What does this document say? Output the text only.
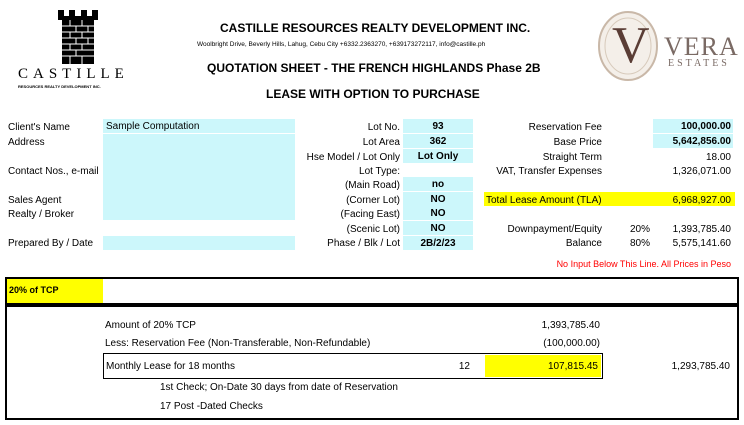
CASTILLE
RESOURCES REALTY DEVELOPMENT INC.
V VERA
ESTATES
CASTILLE RESOURCES REALTY DEVELOPMENT INC.
Woolbright Drive, Beverly Hills, Lahug, Cebu City +6332.2363270, +639173272117, info@castille.ph
QUOTATION SHEET - THE FRENCH HIGHLANDS Phase 2B
LEASE WITH OPTION TO PURCHASE
Client's Name	Sample Computation
Address
Contact Nos., e-mail
Sales Agent
Realty / Broker
Prepared By / Date
Lot No.	93
Lot Area	362
Hse Model / Lot Only	Lot Only
Lot Type:
(Main Road)	no
(Corner Lot)	NO
(Facing East)	NO
(Scenic Lot)	NO
Phase / Blk / Lot	2B/2/23
Reservation Fee	100,000.00
Base Price	5,642,856.00
Straight Term	18.00
VAT, Transfer Expenses	1,326,071.00
Total Lease Amount (TLA)	6,968,927.00
Downpayment/Equity	20%	1,393,785.40
Balance	80%	5,575,141.60
No Input Below This Line. All Prices in Peso
20% of TCP
Amount of 20% TCP	1,393,785.40
Less: Reservation Fee (Non-Transferable, Non-Refundable)	(100,000.00)
Monthly Lease for 18 months	12	107,815.45	1,293,785.40
1st Check; On-Date 30 days from date of Reservation
17 Post -Dated Checks
